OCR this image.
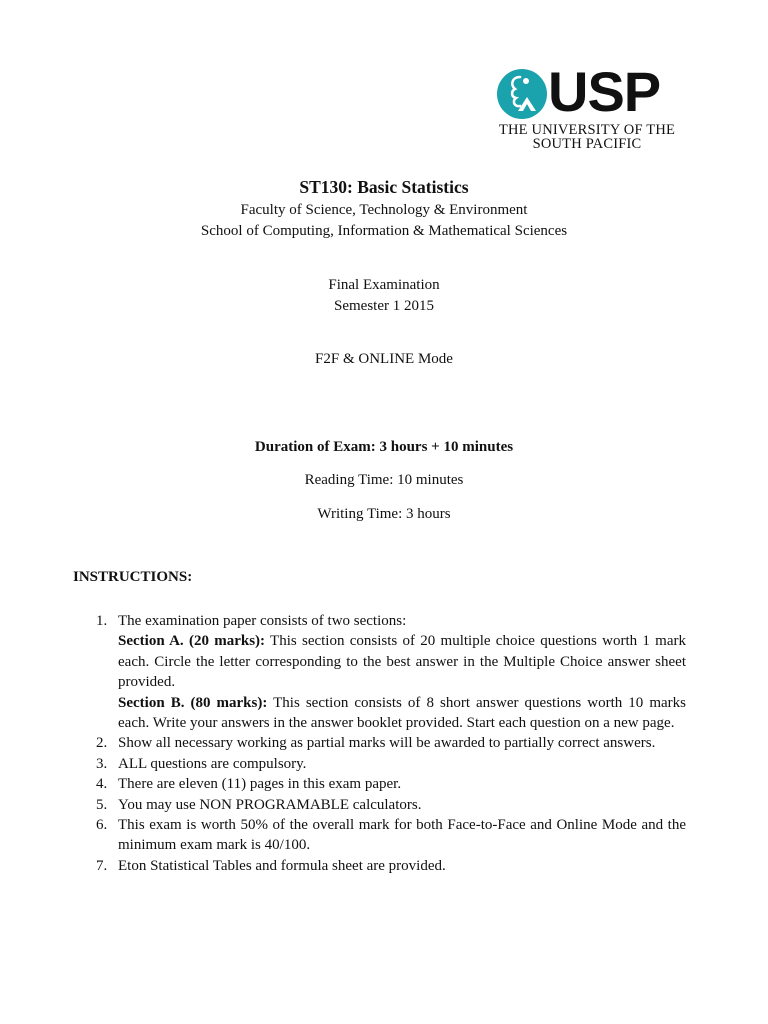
USP
THE UNIVERSITY OF THE
SOUTH PACIFIC
ST130: Basic Statistics
Faculty of Science, Technology & Environment
School of Computing, Information & Mathematical Sciences
Final Examination
Semester 1 2015
F2F & ONLINE Mode
Duration of Exam: 3 hours + 10 minutes
Reading Time: 10 minutes
Writing Time: 3 hours
INSTRUCTIONS:
1. The examination paper consists of two sections:
Section A. (20 marks): This section consists of 20 multiple choice questions worth 1 mark each. Circle the letter corresponding to the best answer in the Multiple Choice answer sheet provided.
Section B. (80 marks): This section consists of 8 short answer questions worth 10 marks each. Write your answers in the answer booklet provided. Start each question on a new page.
2. Show all necessary working as partial marks will be awarded to partially correct answers.
3. ALL questions are compulsory.
4. There are eleven (11) pages in this exam paper.
5. You may use NON PROGRAMABLE calculators.
6. This exam is worth 50% of the overall mark for both Face-to-Face and Online Mode and the minimum exam mark is 40/100.
7. Eton Statistical Tables and formula sheet are provided.
